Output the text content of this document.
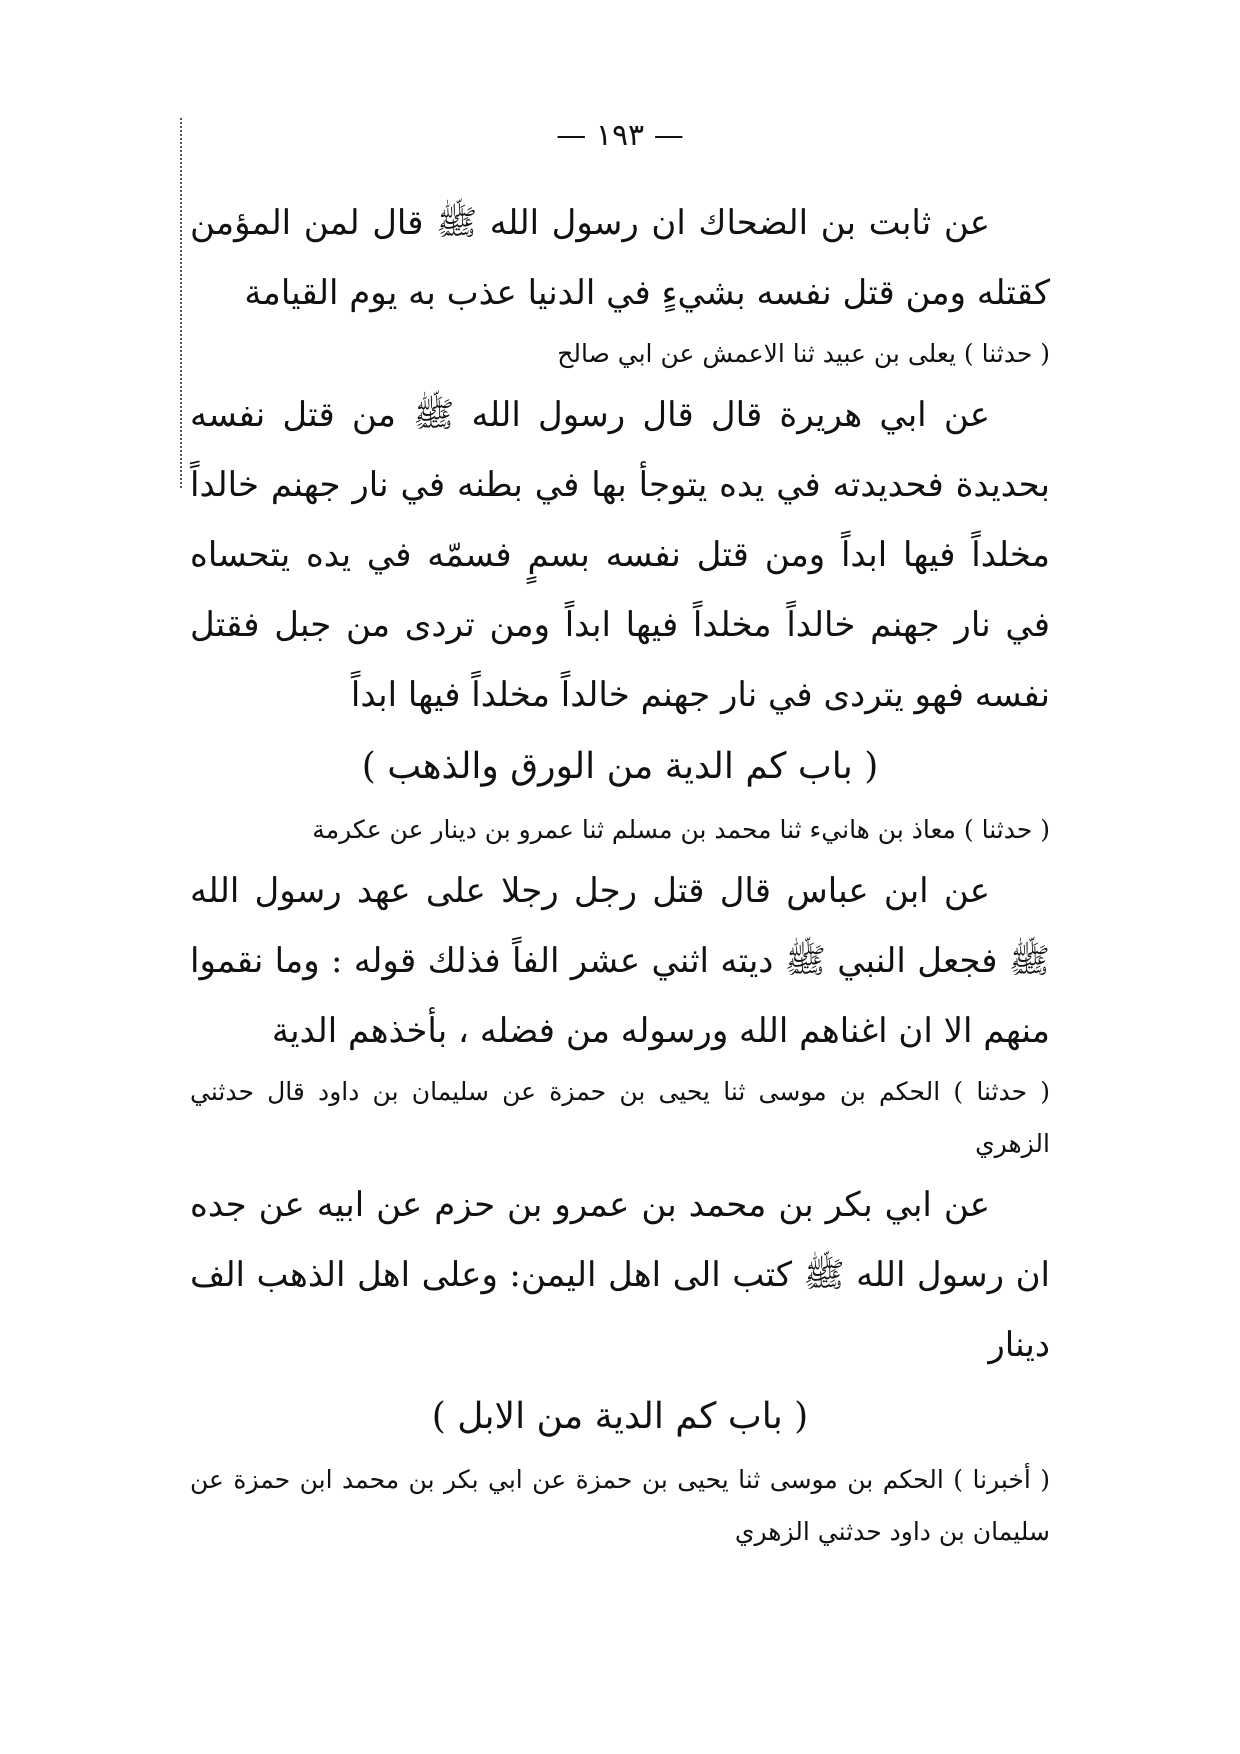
— ١٩٣ —

عن ثابت بن الضحاك ان رسول الله ﷺ قال لمن المؤمن كقتله ومن قتل نفسه بشيءٍ في الدنيا عذب به يوم القيامة

( حدثنا ) يعلى بن عبيد ثنا الاعمش عن ابي صالح

عن ابي هريرة قال قال رسول الله ﷺ من قتل نفسه بحديدة فحديدته في يده يتوجأ بها في بطنه في نار جهنم خالداً مخلداً فيها ابداً ومن قتل نفسه بسمٍ فسمّه في يده يتحساه في نار جهنم خالداً مخلداً فيها ابداً ومن تردى من جبل فقتل نفسه فهو يتردى في نار جهنم خالداً مخلداً فيها ابداً

( باب كم الدية من الورق والذهب )

( حدثنا ) معاذ بن هانيء ثنا محمد بن مسلم ثنا عمرو بن دينار عن عكرمة

عن ابن عباس قال قتل رجل رجلا على عهد رسول الله ﷺ فجعل النبي ﷺ ديته اثني عشر الفاً فذلك قوله : وما نقموا منهم الا ان اغناهم الله ورسوله من فضله ، بأخذهم الدية

( حدثنا ) الحكم بن موسى ثنا يحيى بن حمزة عن سليمان بن داود قال حدثني الزهري

عن ابي بكر بن محمد بن عمرو بن حزم عن ابيه عن جده ان رسول الله ﷺ كتب الى اهل اليمن: وعلى اهل الذهب الف دينار

( باب كم الدية من الابل )

( أخبرنا ) الحكم بن موسى ثنا يحيى بن حمزة عن ابي بكر بن محمد ابن حمزة عن سليمان بن داود حدثني الزهري
